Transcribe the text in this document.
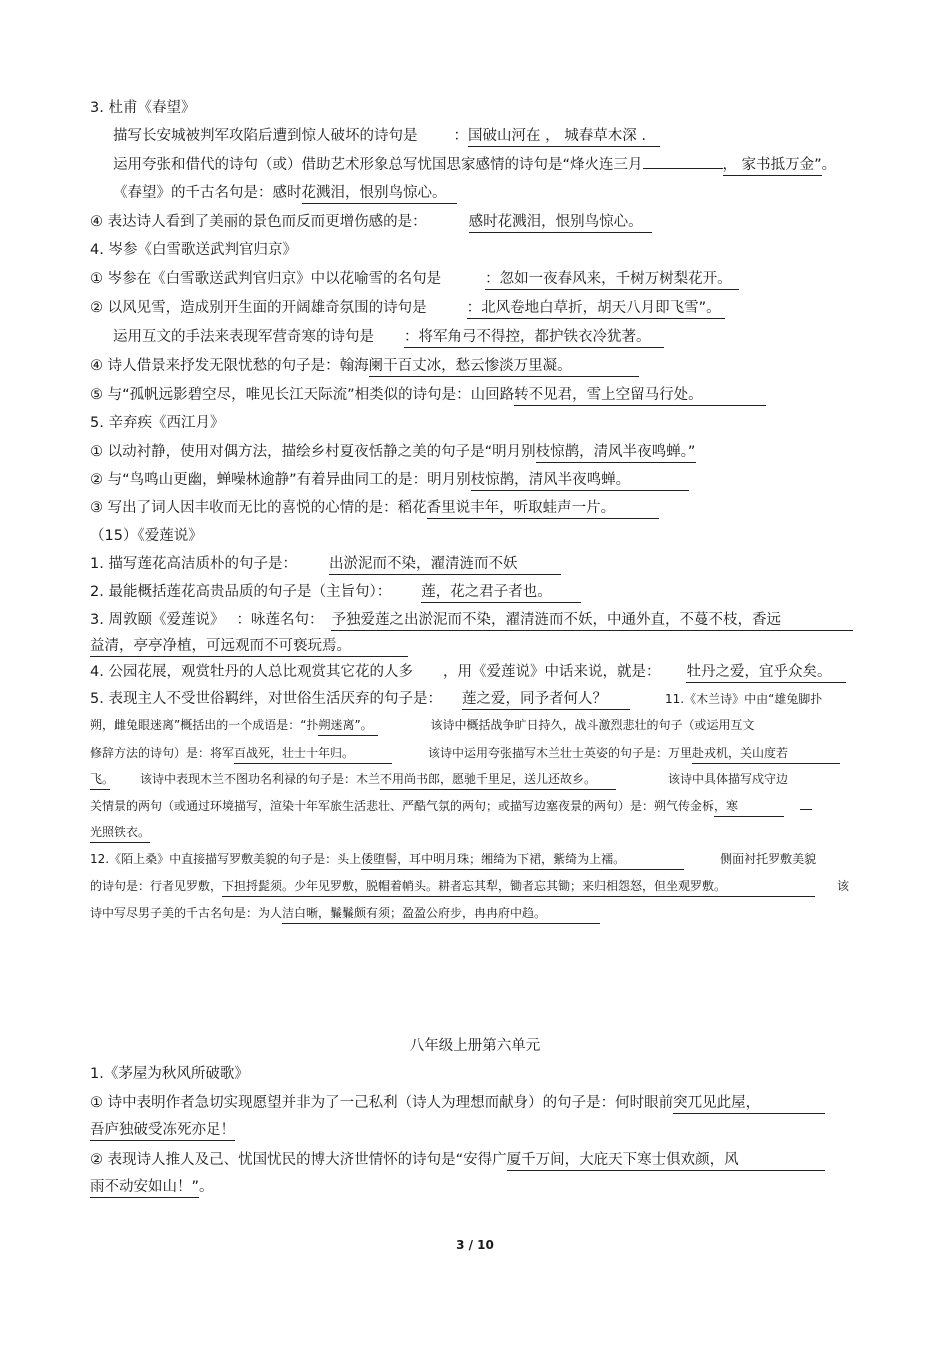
3. 杜甫《春望》
描写长安城被判军攻陷后遭到惊人破坏的诗句是 ：国破山河在 ， 城春草木深 .
运用夸张和借代的诗句（或）借助艺术形象总写忧国思家感情的诗句是“烽火连三月	， 家书抵万金”。
《春望》的千古名句是：感时花溅泪，恨别鸟惊心。
④ 表达诗人看到了美丽的景色而反而更增伤感的是：	感时花溅泪，恨别鸟惊心。
4. 岑参《白雪歌送武判官归京》
① 岑参在《白雪歌送武判官归京》中以花喻雪的名句是	：忽如一夜春风来，千树万树梨花开。
② 以风见雪，造成别开生面的开阔雄奇氛围的诗句是	：北风卷地白草折，胡天八月即飞雪”。
运用互文的手法来表现军营奇寒的诗句是 ：将军角弓不得控，都护铁衣冷犹著。
④ 诗人借景来抒发无限忧愁的句子是：翰海阑干百丈冰，愁云惨淡万里凝。
⑤ 与“孤帆远影碧空尽，唯见长江天际流”相类似的诗句是：山回路转不见君，雪上空留马行处。
5. 辛弃疾《西江月》
① 以动衬静，使用对偶方法，描绘乡村夏夜恬静之美的句子是“明月别枝惊鹊，清风半夜鸣蝉。”
② 与“鸟鸣山更幽，蝉噪林逾静”有着异曲同工的是：明月别枝惊鹊，清风半夜鸣蝉。
③ 写出了词人因丰收而无比的喜悦的心情的是：稻花香里说丰年，听取蛙声一片。
（15）《爱莲说》
1. 描写莲花高洁质朴的句子是： 出淤泥而不染，濯清涟而不妖
2. 最能概括莲花高贵品质的句子是（主旨句）： 莲，花之君子者也。
3. 周敦颐《爱莲说》 ：咏莲名句： 予独爱莲之出淤泥而不染，濯清涟而不妖，中通外直，不蔓不枝，香远
益清，亭亭净植，可远观而不可亵玩焉。
4. 公园花展，观赏牡丹的人总比观赏其它花的人多 ，用《爱莲说》中话来说，就是： 牡丹之爱，宜乎众矣。
5. 表现主人不受世俗羁绊，对世俗生活厌弃的句子是： 莲之爱，同予者何人？	11.《木兰诗》中由“雄兔脚扑
朔，雌兔眼迷离”概括出的一个成语是：“扑朔迷离”。	该诗中概括战争旷日持久，战斗激烈悲壮的句子（或运用互文
修辞方法的诗句）是：将军百战死，壮士十年归。	该诗中运用夸张描写木兰壮士英姿的句子是：万里赴戎机，关山度若
飞。 该诗中表现木兰不图功名利禄的句子是：木兰不用尚书郎，愿驰千里足，送儿还故乡。	该诗中具体描写戍守边
关情景的两句（或通过环境描写，渲染十年军旅生活悲壮、严酷气氛的两句；或描写边塞夜景的两句）是：朔气传金柝，寒
光照铁衣。
12.《陌上桑》中直接描写罗敷美貌的句子是：头上倭堕髻，耳中明月珠；缃绮为下裙，紫绮为上襦。	侧面衬托罗敷美貌
的诗句是：行者见罗敷，下担捋髭须。少年见罗敷，脱帽着帩头。耕者忘其犁，锄者忘其锄；来归相怨怒，但坐观罗敷。	该
诗中写尽男子美的千古名句是：为人洁白晰，鬑鬑颇有须；盈盈公府步，冉冉府中趋。
八年级上册第六单元
1.《茅屋为秋风所破歌》
① 诗中表明作者急切实现愿望并非为了一己私利（诗人为理想而献身）的句子是：何时眼前突兀见此屋，
吾庐独破受冻死亦足！
② 表现诗人推人及己、忧国忧民的博大济世情怀的诗句是“安得广厦千万间，大庇天下寒士俱欢颜，风
雨不动安如山！”。
3 / 10
